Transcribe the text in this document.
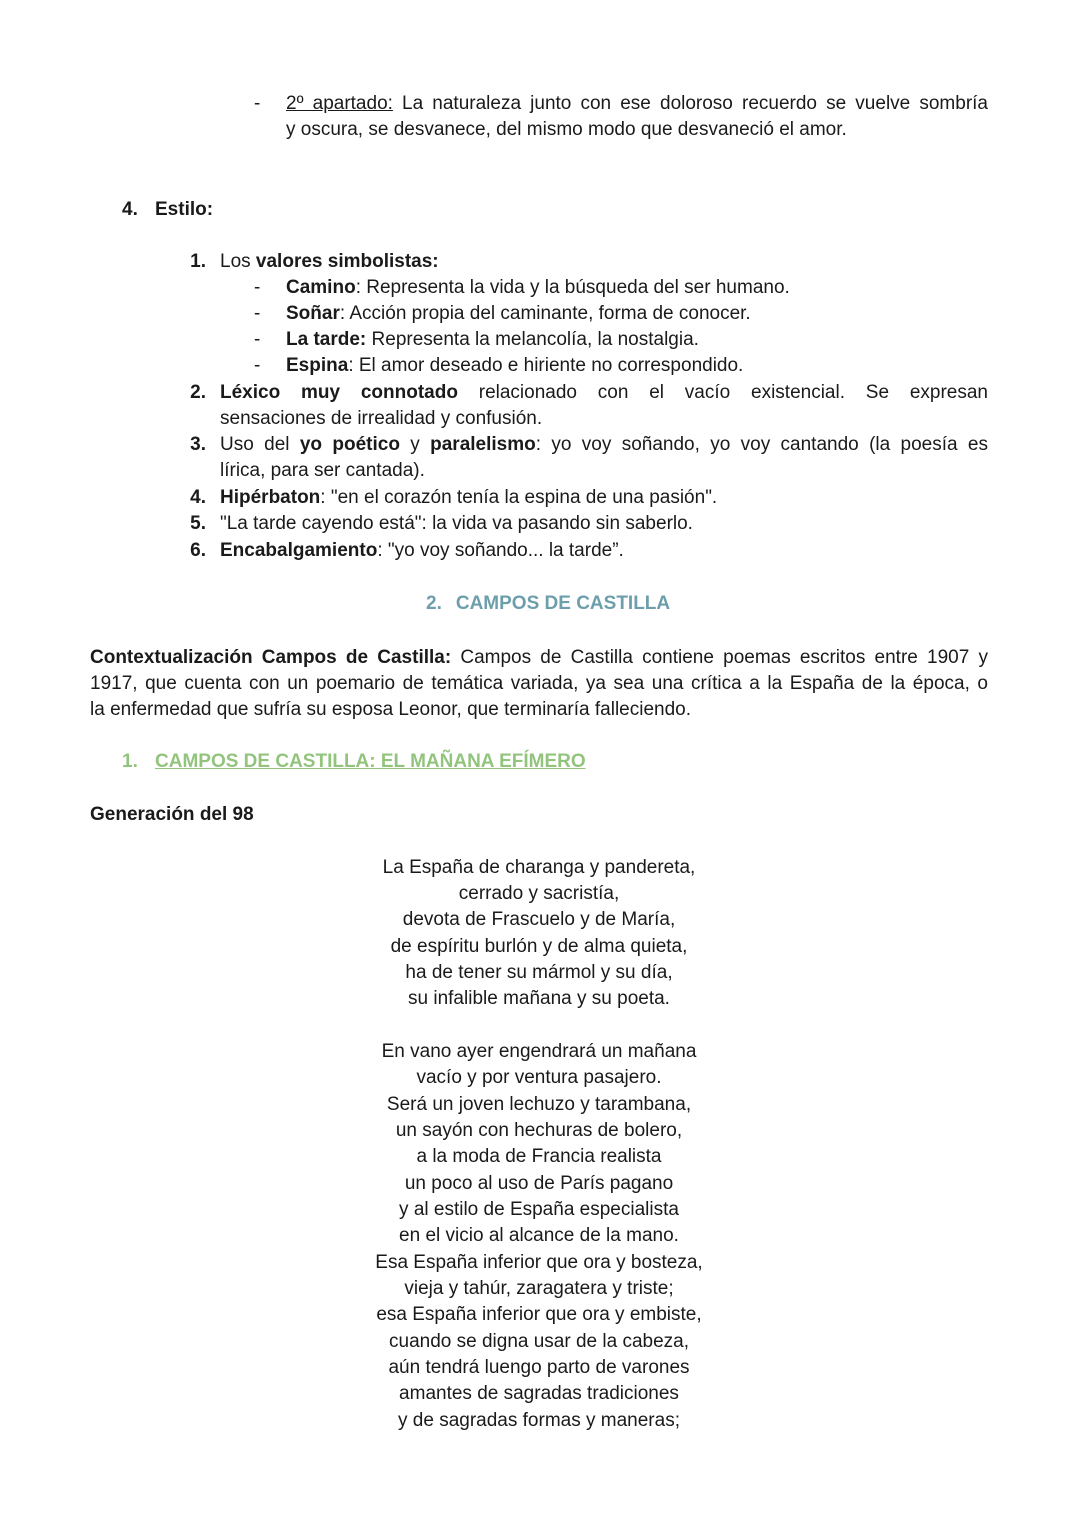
- 2º apartado: La naturaleza junto con ese doloroso recuerdo se vuelve sombría
y oscura, se desvanece, del mismo modo que desvaneció el amor.
4. Estilo:
1. Los valores simbolistas:
- Camino: Representa la vida y la búsqueda del ser humano.
- Soñar: Acción propia del caminante, forma de conocer.
- La tarde: Representa la melancolía, la nostalgia.
- Espina: El amor deseado e hiriente no correspondido.
2. Léxico muy connotado relacionado con el vacío existencial. Se expresan
sensaciones de irrealidad y confusión.
3. Uso del yo poético y paralelismo: yo voy soñando, yo voy cantando (la poesía es
lírica, para ser cantada).
4. Hipérbaton: "en el corazón tenía la espina de una pasión".
5. "La tarde cayendo está": la vida va pasando sin saberlo.
6. Encabalgamiento: "yo voy soñando... la tarde”.
2. CAMPOS DE CASTILLA
Contextualización Campos de Castilla: Campos de Castilla contiene poemas escritos entre 1907 y
1917, que cuenta con un poemario de temática variada, ya sea una crítica a la España de la época, o
la enfermedad que sufría su esposa Leonor, que terminaría falleciendo.
1. CAMPOS DE CASTILLA: EL MAÑANA EFÍMERO
Generación del 98
La España de charanga y pandereta,
cerrado y sacristía,
devota de Frascuelo y de María,
de espíritu burlón y de alma quieta,
ha de tener su mármol y su día,
su infalible mañana y su poeta.
En vano ayer engendrará un mañana
vacío y por ventura pasajero.
Será un joven lechuzo y tarambana,
un sayón con hechuras de bolero,
a la moda de Francia realista
un poco al uso de París pagano
y al estilo de España especialista
en el vicio al alcance de la mano.
Esa España inferior que ora y bosteza,
vieja y tahúr, zaragatera y triste;
esa España inferior que ora y embiste,
cuando se digna usar de la cabeza,
aún tendrá luengo parto de varones
amantes de sagradas tradiciones
y de sagradas formas y maneras;
